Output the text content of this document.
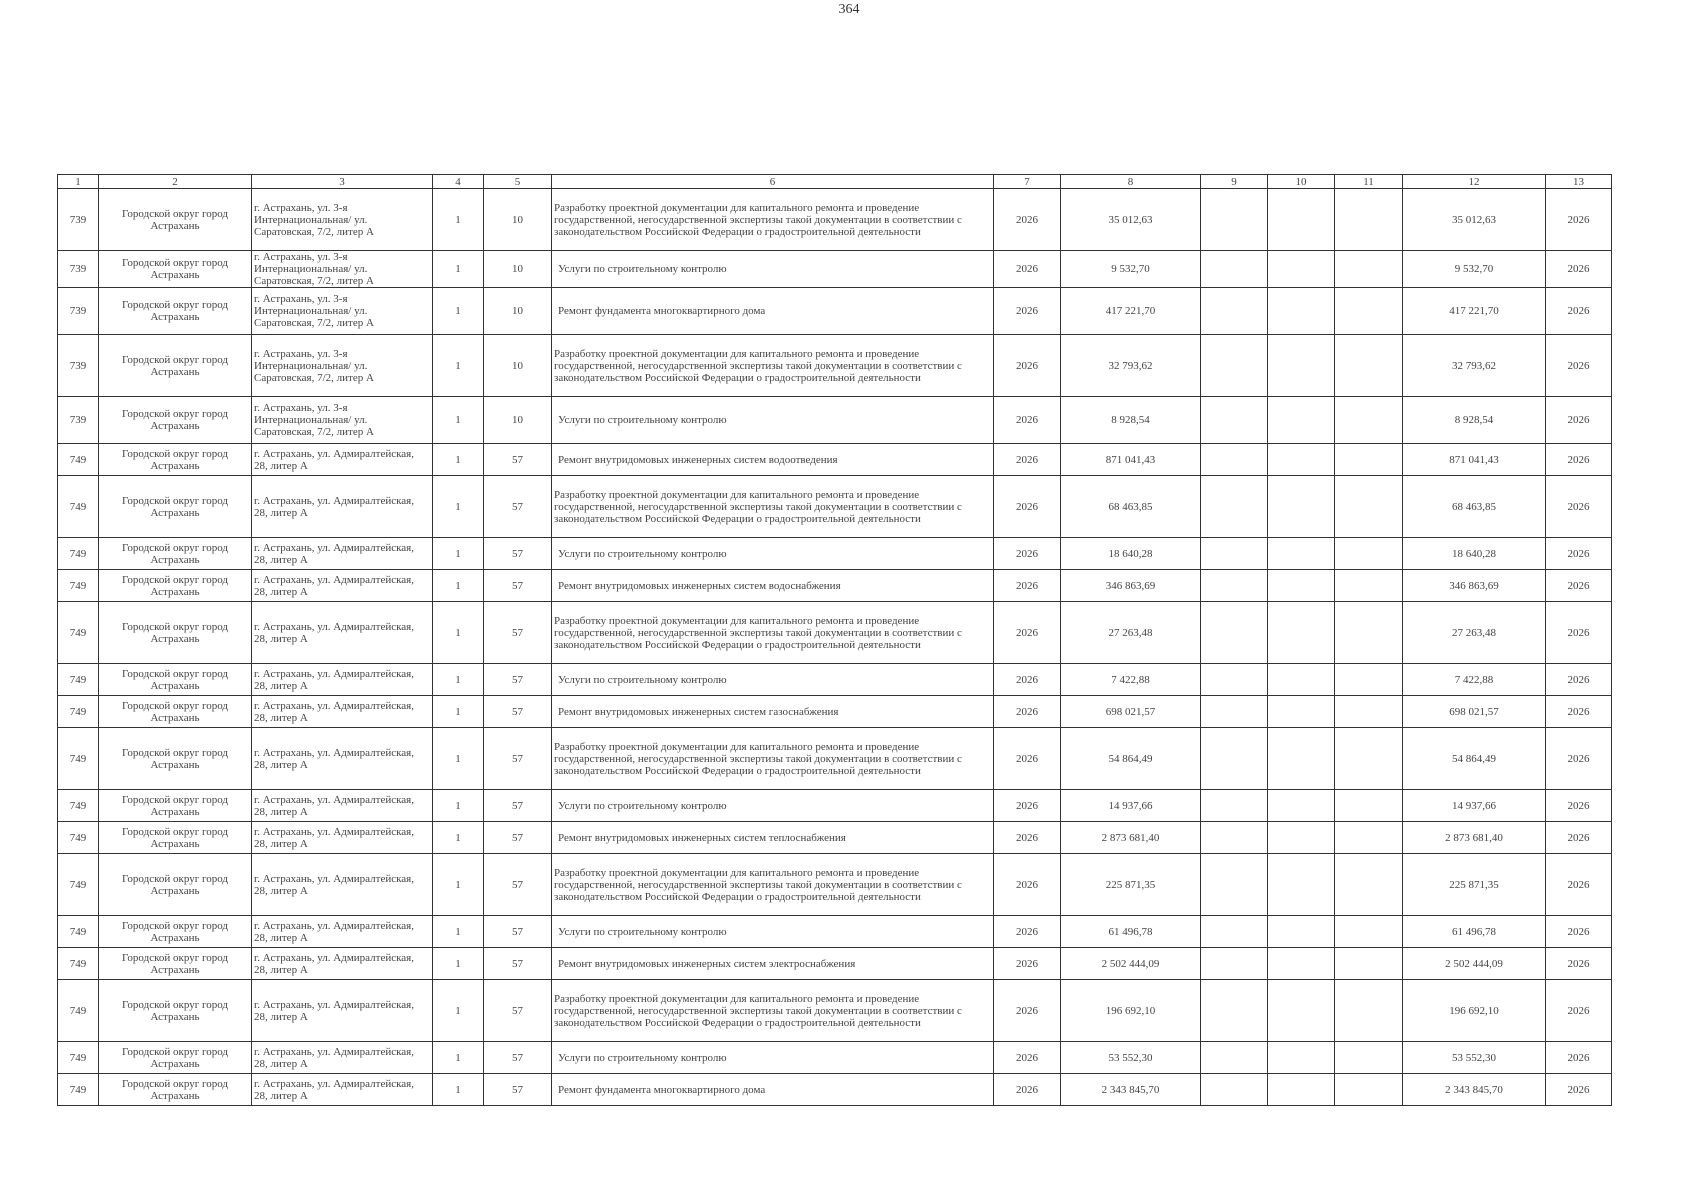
364
1	2	3	4	5	6	7	8	9	10	11	12	13
739	Городской округ город Астрахань	г. Астрахань, ул. 3-я Интернациональная/ ул. Саратовская, 7/2, литер А	1	10	Разработку проектной документации для капитального ремонта и проведение государственной, негосударственной экспертизы такой документации в соответствии с законодательством Российской Федерации о градостроительной деятельности	2026	35 012,63				35 012,63	2026
739	Городской округ город Астрахань	г. Астрахань, ул. 3-я Интернациональная/ ул. Саратовская, 7/2, литер А	1	10	Услуги по строительному контролю	2026	9 532,70				9 532,70	2026
739	Городской округ город Астрахань	г. Астрахань, ул. 3-я Интернациональная/ ул. Саратовская, 7/2, литер А	1	10	Ремонт фундамента многоквартирного дома	2026	417 221,70				417 221,70	2026
739	Городской округ город Астрахань	г. Астрахань, ул. 3-я Интернациональная/ ул. Саратовская, 7/2, литер А	1	10	Разработку проектной документации для капитального ремонта и проведение государственной, негосударственной экспертизы такой документации в соответствии с законодательством Российской Федерации о градостроительной деятельности	2026	32 793,62				32 793,62	2026
739	Городской округ город Астрахань	г. Астрахань, ул. 3-я Интернациональная/ ул. Саратовская, 7/2, литер А	1	10	Услуги по строительному контролю	2026	8 928,54				8 928,54	2026
749	Городской округ город Астрахань	г. Астрахань, ул. Адмиралтейская, 28, литер А	1	57	Ремонт внутридомовых инженерных систем водоотведения	2026	871 041,43				871 041,43	2026
749	Городской округ город Астрахань	г. Астрахань, ул. Адмиралтейская, 28, литер А	1	57	Разработку проектной документации для капитального ремонта и проведение государственной, негосударственной экспертизы такой документации в соответствии с законодательством Российской Федерации о градостроительной деятельности	2026	68 463,85				68 463,85	2026
749	Городской округ город Астрахань	г. Астрахань, ул. Адмиралтейская, 28, литер А	1	57	Услуги по строительному контролю	2026	18 640,28				18 640,28	2026
749	Городской округ город Астрахань	г. Астрахань, ул. Адмиралтейская, 28, литер А	1	57	Ремонт внутридомовых инженерных систем водоснабжения	2026	346 863,69				346 863,69	2026
749	Городской округ город Астрахань	г. Астрахань, ул. Адмиралтейская, 28, литер А	1	57	Разработку проектной документации для капитального ремонта и проведение государственной, негосударственной экспертизы такой документации в соответствии с законодательством Российской Федерации о градостроительной деятельности	2026	27 263,48				27 263,48	2026
749	Городской округ город Астрахань	г. Астрахань, ул. Адмиралтейская, 28, литер А	1	57	Услуги по строительному контролю	2026	7 422,88				7 422,88	2026
749	Городской округ город Астрахань	г. Астрахань, ул. Адмиралтейская, 28, литер А	1	57	Ремонт внутридомовых инженерных систем газоснабжения	2026	698 021,57				698 021,57	2026
749	Городской округ город Астрахань	г. Астрахань, ул. Адмиралтейская, 28, литер А	1	57	Разработку проектной документации для капитального ремонта и проведение государственной, негосударственной экспертизы такой документации в соответствии с законодательством Российской Федерации о градостроительной деятельности	2026	54 864,49				54 864,49	2026
749	Городской округ город Астрахань	г. Астрахань, ул. Адмиралтейская, 28, литер А	1	57	Услуги по строительному контролю	2026	14 937,66				14 937,66	2026
749	Городской округ город Астрахань	г. Астрахань, ул. Адмиралтейская, 28, литер А	1	57	Ремонт внутридомовых инженерных систем теплоснабжения	2026	2 873 681,40				2 873 681,40	2026
749	Городской округ город Астрахань	г. Астрахань, ул. Адмиралтейская, 28, литер А	1	57	Разработку проектной документации для капитального ремонта и проведение государственной, негосударственной экспертизы такой документации в соответствии с законодательством Российской Федерации о градостроительной деятельности	2026	225 871,35				225 871,35	2026
749	Городской округ город Астрахань	г. Астрахань, ул. Адмиралтейская, 28, литер А	1	57	Услуги по строительному контролю	2026	61 496,78				61 496,78	2026
749	Городской округ город Астрахань	г. Астрахань, ул. Адмиралтейская, 28, литер А	1	57	Ремонт внутридомовых инженерных систем электроснабжения	2026	2 502 444,09				2 502 444,09	2026
749	Городской округ город Астрахань	г. Астрахань, ул. Адмиралтейская, 28, литер А	1	57	Разработку проектной документации для капитального ремонта и проведение государственной, негосударственной экспертизы такой документации в соответствии с законодательством Российской Федерации о градостроительной деятельности	2026	196 692,10				196 692,10	2026
749	Городской округ город Астрахань	г. Астрахань, ул. Адмиралтейская, 28, литер А	1	57	Услуги по строительному контролю	2026	53 552,30				53 552,30	2026
749	Городской округ город Астрахань	г. Астрахань, ул. Адмиралтейская, 28, литер А	1	57	Ремонт фундамента многоквартирного дома	2026	2 343 845,70				2 343 845,70	2026
